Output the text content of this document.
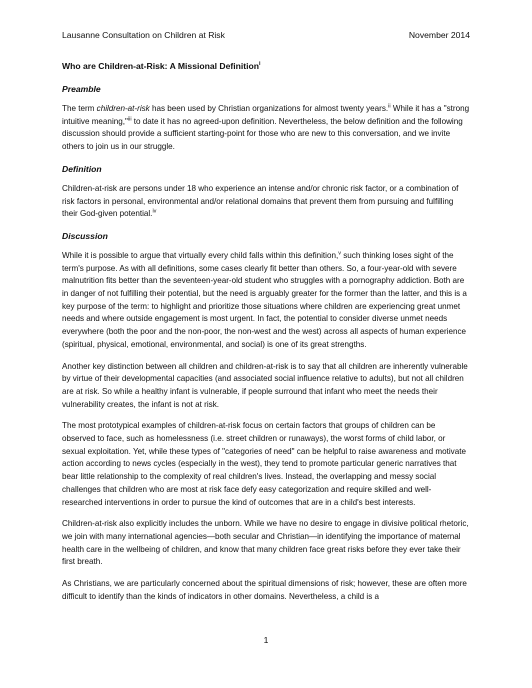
Lausanne Consultation on Children at Risk	November 2014

Who are Children-at-Risk: A Missional Definition$^i$

Preamble

The term children-at-risk has been used by Christian organizations for almost twenty years.$^{ii}$ While it has a "strong intuitive meaning,"$^{iii}$ to date it has no agreed-upon definition. Nevertheless, the below definition and the following discussion should provide a sufficient starting-point for those who are new to this conversation, and we invite others to join us in our struggle.

Definition

Children-at-risk are persons under 18 who experience an intense and/or chronic risk factor, or a combination of risk factors in personal, environmental and/or relational domains that prevent them from pursuing and fulfilling their God-given potential.$^{iv}$

Discussion

While it is possible to argue that virtually every child falls within this definition,$^v$ such thinking loses sight of the term's purpose. As with all definitions, some cases clearly fit better than others. So, a four-year-old with severe malnutrition fits better than the seventeen-year-old student who struggles with a pornography addiction. Both are in danger of not fulfilling their potential, but the need is arguably greater for the former than the latter, and this is a key purpose of the term: to highlight and prioritize those situations where children are experiencing great unmet needs and where outside engagement is most urgent. In fact, the potential to consider diverse unmet needs everywhere (both the poor and the non-poor, the non-west and the west) across all aspects of human experience (spiritual, physical, emotional, environmental, and social) is one of its great strengths.

Another key distinction between all children and children-at-risk is to say that all children are inherently vulnerable by virtue of their developmental capacities (and associated social influence relative to adults), but not all children are at risk. So while a healthy infant is vulnerable, if people surround that infant who meet the needs their vulnerability creates, the infant is not at risk.

The most prototypical examples of children-at-risk focus on certain factors that groups of children can be observed to face, such as homelessness (i.e. street children or runaways), the worst forms of child labor, or sexual exploitation. Yet, while these types of "categories of need" can be helpful to raise awareness and motivate action according to news cycles (especially in the west), they tend to promote particular generic narratives that bear little relationship to the complexity of real children's lives. Instead, the overlapping and messy social challenges that children who are most at risk face defy easy categorization and require skilled and well-researched interventions in order to pursue the kind of outcomes that are in a child's best interests.

Children-at-risk also explicitly includes the unborn. While we have no desire to engage in divisive political rhetoric, we join with many international agencies—both secular and Christian—in identifying the importance of maternal health care in the wellbeing of children, and know that many children face great risks before they ever take their first breath.

As Christians, we are particularly concerned about the spiritual dimensions of risk; however, these are often more difficult to identify than the kinds of indicators in other domains. Nevertheless, a child is a

1
